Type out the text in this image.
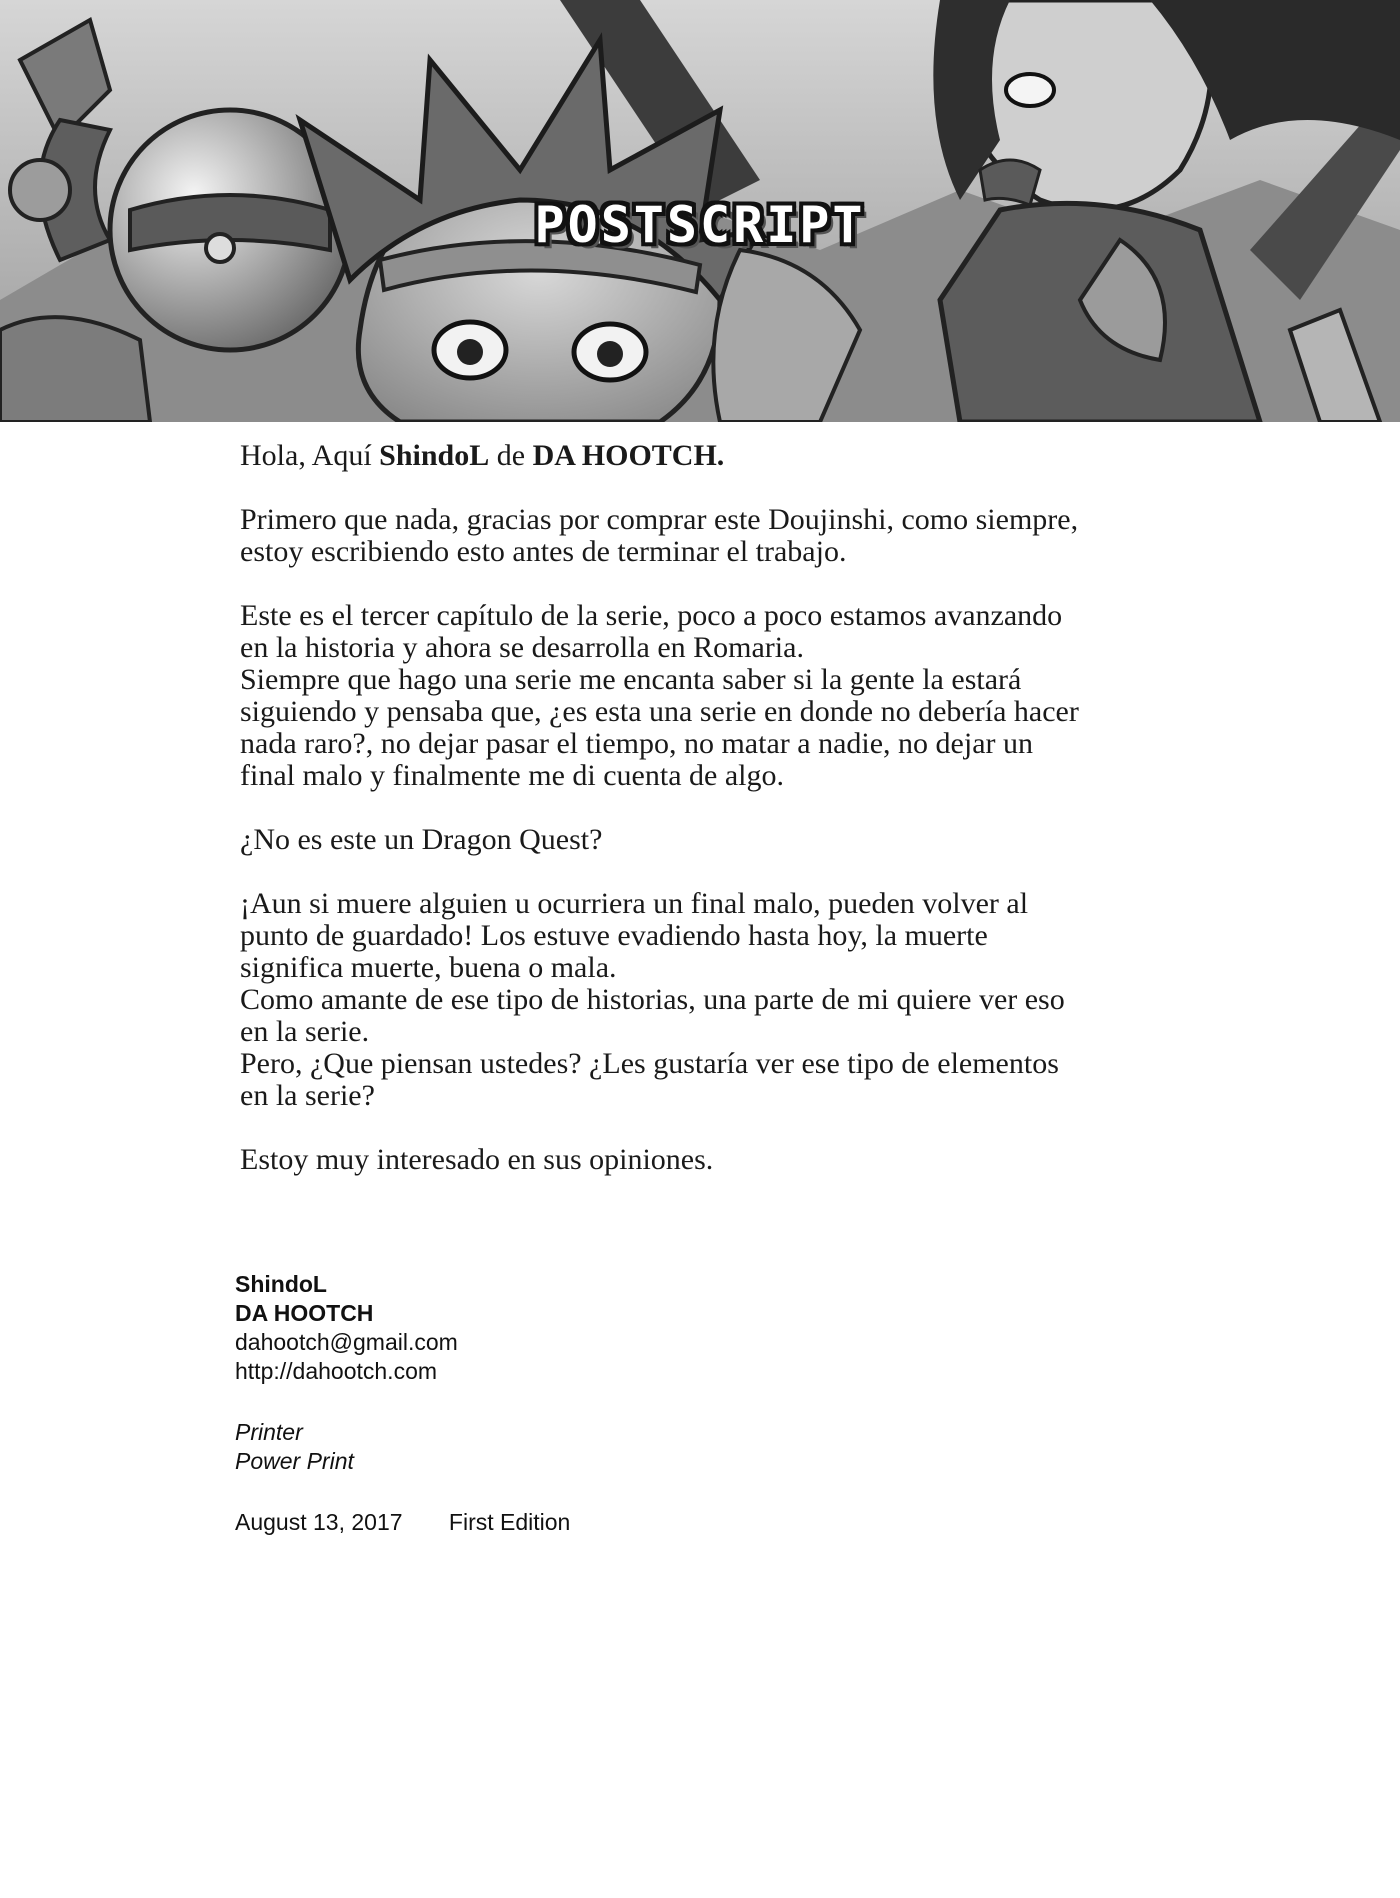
POSTSCRIPT

Hola, Aquí ShindoL de DA HOOTCH.

Primero que nada, gracias por comprar este Doujinshi, como siempre,
estoy escribiendo esto antes de terminar el trabajo.

Este es el tercer capítulo de la serie, poco a poco estamos avanzando
en la historia y ahora se desarrolla en Romaria.
Siempre que hago una serie me encanta saber si la gente la estará
siguiendo y pensaba que, ¿es esta una serie en donde no debería hacer
nada raro?, no dejar pasar el tiempo, no matar a nadie, no dejar un
final malo y finalmente me di cuenta de algo.

¿No es este un Dragon Quest?

¡Aun si muere alguien u ocurriera un final malo, pueden volver al
punto de guardado! Los estuve evadiendo hasta hoy, la muerte
significa muerte, buena o mala.
Como amante de ese tipo de historias, una parte de mi quiere ver eso
en la serie.
Pero, ¿Que piensan ustedes? ¿Les gustaría ver ese tipo de elementos
en la serie?

Estoy muy interesado en sus opiniones.

ShindoL
DA HOOTCH
dahootch@gmail.com
http://dahootch.com
Printer
Power Print
August 13, 2017 First Edition
